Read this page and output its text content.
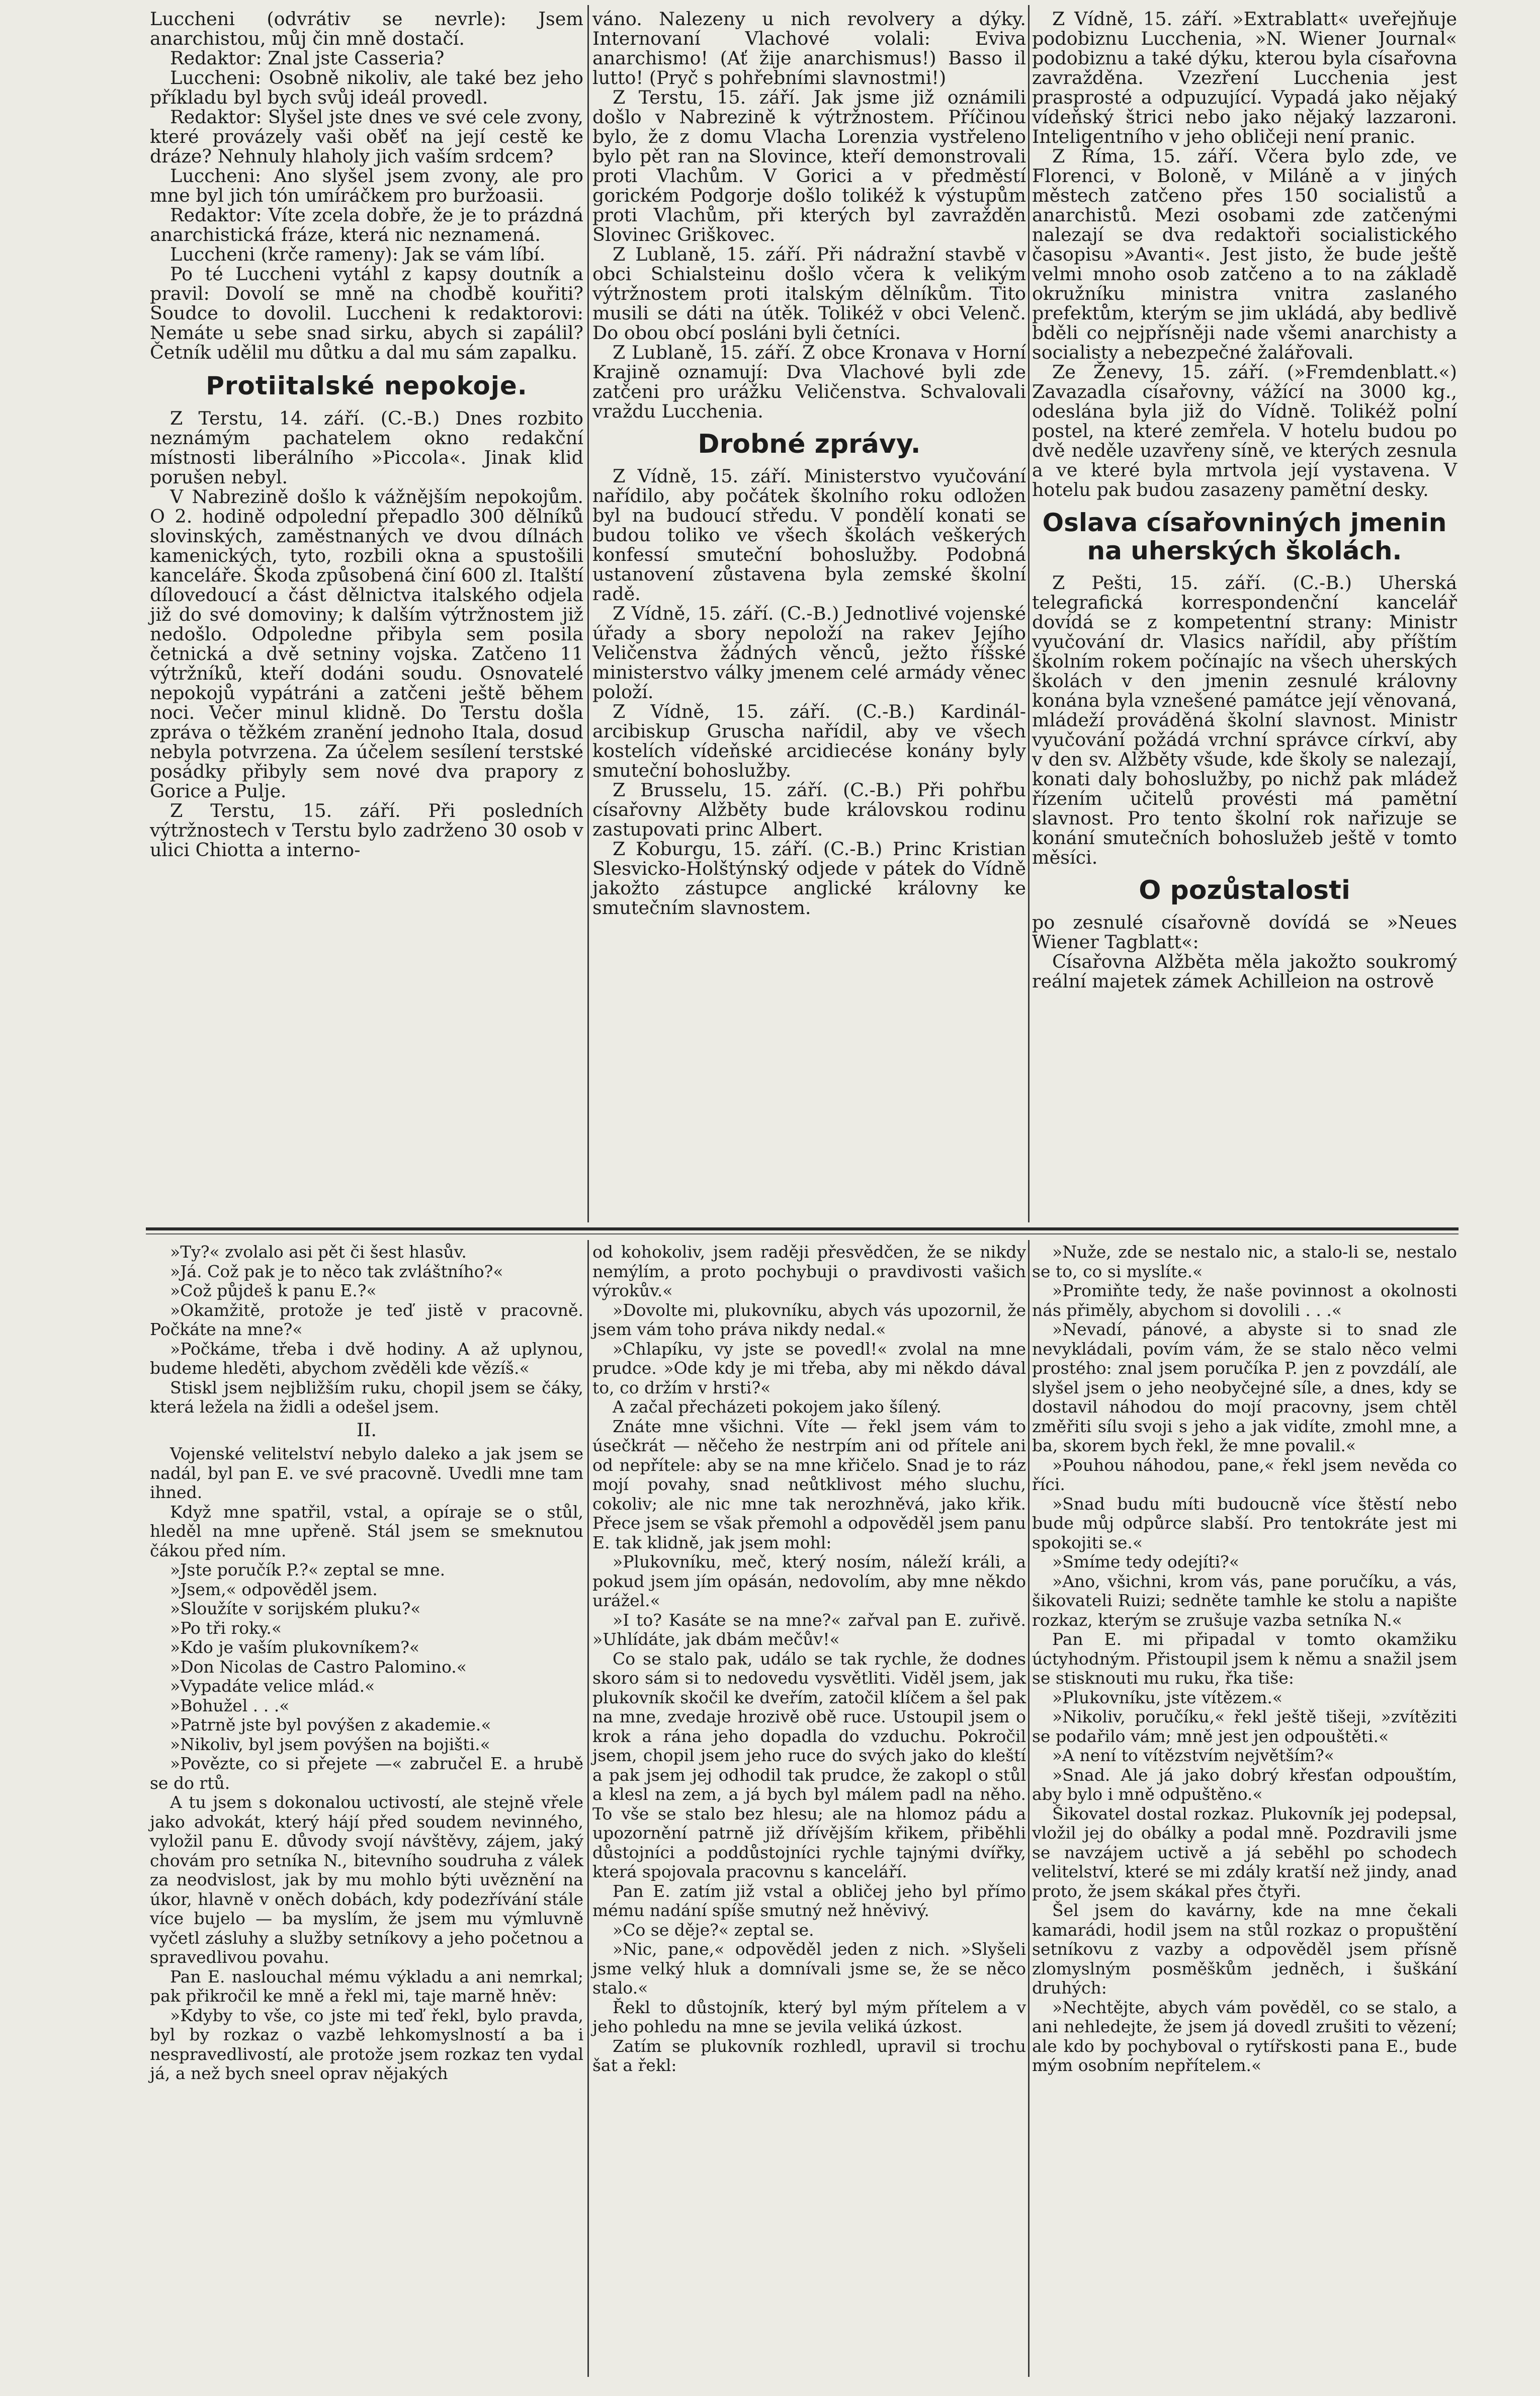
Luccheni (odvrátiv se nevrle): Jsem anarchistou, můj čin mně dostačí.

Redaktor: Znal jste Casseria?

Luccheni: Osobně nikoliv, ale také bez jeho příkladu byl bych svůj ideál provedl.

Redaktor: Slyšel jste dnes ve své cele zvony, které provázely vaši oběť na její cestě ke dráze? Nehnuly hlaholy jich vaším srdcem?

Luccheni: Ano slyšel jsem zvony, ale pro mne byl jich tón umíráčkem pro buržoasii.

Redaktor: Víte zcela dobře, že je to prázdná anarchistická fráze, která nic neznamená.

Luccheni (krče rameny): Jak se vám líbí.

Po té Luccheni vytáhl z kapsy doutník a pravil: Dovolí se mně na chodbě kouřiti? Soudce to dovolil. Luccheni k redaktorovi: Nemáte u sebe snad sirku, abych si zapálil? Četník udělil mu důtku a dal mu sám zapalku.

Protiitalské nepokoje.

Z Terstu, 14. září. (C.-B.) Dnes rozbito neznámým pachatelem okno redakční místnosti liberálního »Piccola«. Jinak klid porušen nebyl.

V Nabrezině došlo k vážnějším nepokojům. O 2. hodině odpolední přepadlo 300 dělníků slovinských, zaměstnaných ve dvou dílnách kamenických, tyto, rozbili okna a spustošili kanceláře. Škoda způsobená činí 600 zl. Italští dílovedoucí a část dělnictva italského odjela již do své domoviny; k dalším výtržnostem již nedošlo. Odpoledne přibyla sem posila četnická a dvě setniny vojska. Zatčeno 11 výtržníků, kteří dodáni soudu. Osnovatelé nepokojů vypátráni a zatčeni ještě během noci. Večer minul klidně. Do Terstu došla zpráva o těžkém zranění jednoho Itala, dosud nebyla potvrzena. Za účelem sesílení terstské posádky přibyly sem nové dva prapory z Gorice a Pulje.

Z Terstu, 15. září. Při posledních výtržnostech v Terstu bylo zadrženo 30 osob v ulici Chiotta a interno-

váno. Nalezeny u nich revolvery a dýky. Internovaní Vlachové volali: Eviva anarchismo! (Ať žije anarchismus!) Basso il lutto! (Pryč s pohřebními slavnostmi!)

Z Terstu, 15. září. Jak jsme již oznámili došlo v Nabrezině k výtržnostem. Příčinou bylo, že z domu Vlacha Lorenzia vystřeleno bylo pět ran na Slovince, kteří demonstrovali proti Vlachům. V Gorici a v předměstí gorickém Podgorje došlo tolikéž k výstupům proti Vlachům, při kterých byl zavražděn Slovinec Griškovec.

Z Lublaně, 15. září. Při nádražní stavbě v obci Schialsteinu došlo včera k velikým výtržnostem proti italským dělníkům. Tito musili se dáti na útěk. Tolikéž v obci Velenč. Do obou obcí posláni byli četníci.

Z Lublaně, 15. září. Z obce Kronava v Horní Krajině oznamují: Dva Vlachové byli zde zatčeni pro urážku Veličenstva. Schvalovali vraždu Lucchenia.

Drobné zprávy.

Z Vídně, 15. září. Ministerstvo vyučování nařídilo, aby počátek školního roku odložen byl na budoucí středu. V pondělí konati se budou toliko ve všech školách veškerých konfessí smuteční bohoslužby. Podobná ustanovení zůstavena byla zemské školní radě.

Z Vídně, 15. září. (C.-B.) Jednotlivé vojenské úřady a sbory nepoloží na rakev Jejího Veličenstva žádných věnců, ježto říšské ministerstvo války jmenem celé armády věnec položí.

Z Vídně, 15. září. (C.-B.) Kardinál-arcibiskup Gruscha nařídil, aby ve všech kostelích vídeňské arcidiecése konány byly smuteční bohoslužby.

Z Brusselu, 15. září. (C.-B.) Při pohřbu císařovny Alžběty bude královskou rodinu zastupovati princ Albert.

Z Koburgu, 15. září. (C.-B.) Princ Kristian Slesvicko-Holštýnský odjede v pátek do Vídně jakožto zástupce anglické královny ke smutečním slavnostem.

Z Vídně, 15. září. »Extrablatt« uveřejňuje podobiznu Lucchenia, »N. Wiener Journal« podobiznu a také dýku, kterou byla císařovna zavražděna. Vzezření Lucchenia jest prasprosté a odpuzující. Vypadá jako nějaký vídeňský štrici nebo jako nějaký lazzaroni. Inteligentního v jeho obličeji není pranic.

Z Říma, 15. září. Včera bylo zde, ve Florenci, v Boloně, v Miláně a v jiných městech zatčeno přes 150 socialistů a anarchistů. Mezi osobami zde zatčenými nalezají se dva redaktoři socialistického časopisu »Avanti«. Jest jisto, že bude ještě velmi mnoho osob zatčeno a to na základě okružníku ministra vnitra zaslaného prefektům, kterým se jim ukládá, aby bedlivě bděli co nejpřísněji nade všemi anarchisty a socialisty a nebezpečné žalářovali.

Ze Ženevy, 15. září. (»Fremdenblatt.«) Zavazadla císařovny, vážící na 3000 kg., odeslána byla již do Vídně. Tolikéž polní postel, na které zemřela. V hotelu budou po dvě neděle uzavřeny síně, ve kterých zesnula a ve které byla mrtvola její vystavena. V hotelu pak budou zasazeny pamětní desky.

Oslava císařovniných jmenin na uherských školách.

Z Pešti, 15. září. (C.-B.) Uherská telegrafická korrespondenční kancelář dovídá se z kompetentní strany: Ministr vyučování dr. Vlasics nařídil, aby příštím školním rokem počínajíc na všech uherských školách v den jmenin zesnulé královny konána byla vznešené památce její věnovaná, mládeží prováděná školní slavnost. Ministr vyučování požádá vrchní správce církví, aby v den sv. Alžběty všude, kde školy se nalezají, konati daly bohoslužby, po nichž pak mládež řízením učitelů provésti má pamětní slavnost. Pro tento školní rok nařizuje se konání smutečních bohoslužeb ještě v tomto měsíci.

O pozůstalosti

po zesnulé císařovně dovídá se »Neues Wiener Tagblatt«:

Císařovna Alžběta měla jakožto soukromý reální majetek zámek Achilleion na ostrově

»Ty?« zvolalo asi pět či šest hlasův.

»Já. Což pak je to něco tak zvláštního?«

»Což půjdeš k panu E.?«

»Okamžitě, protože je teď jistě v pracovně. Počkáte na mne?«

»Počkáme, třeba i dvě hodiny. A až uplynou, budeme hleděti, abychom zvěděli kde vězíš.«

Stiskl jsem nejbližším ruku, chopil jsem se čáky, která ležela na židli a odešel jsem.

II.

Vojenské velitelství nebylo daleko a jak jsem se nadál, byl pan E. ve své pracovně. Uvedli mne tam ihned.

Když mne spatřil, vstal, a opíraje se o stůl, hleděl na mne upřeně. Stál jsem se smeknutou čákou před ním.

»Jste poručík P.?« zeptal se mne.

»Jsem,« odpověděl jsem.

»Sloužíte v sorijském pluku?«

»Po tři roky.«

»Kdo je vaším plukovníkem?«

»Don Nicolas de Castro Palomino.«

»Vypadáte velice mlád.«

»Bohužel . . .«

»Patrně jste byl povýšen z akademie.«

»Nikoliv, byl jsem povýšen na bojišti.«

»Povězte, co si přejete —« zabručel E. a hrubě se do rtů.

A tu jsem s dokonalou uctivostí, ale stejně vřele jako advokát, který hájí před soudem nevinného, vyložil panu E. důvody svojí návštěvy, zájem, jaký chovám pro setníka N., bitevního soudruha z válek za neodvislost, jak by mu mohlo býti uvěznění na úkor, hlavně v oněch dobách, kdy podezřívání stále více bujelo — ba myslím, že jsem mu výmluvně vyčetl zásluhy a služby setníkovy a jeho početnou a spravedlivou povahu.

Pan E. naslouchal mému výkladu a ani nemrkal; pak přikročil ke mně a řekl mi, taje marně hněv:

»Kdyby to vše, co jste mi teď řekl, bylo pravda, byl by rozkaz o vazbě lehkomyslností a ba i nespravedlivostí, ale protože jsem rozkaz ten vydal já, a než bych sneel oprav nějakých

od kohokoliv, jsem raději přesvědčen, že se nikdy nemýlím, a proto pochybuji o pravdivosti vašich výrokův.«

»Dovolte mi, plukovníku, abych vás upozornil, že jsem vám toho práva nikdy nedal.«

»Chlapíku, vy jste se povedl!« zvolal na mne prudce. »Ode kdy je mi třeba, aby mi někdo dával to, co držím v hrsti?«

A začal přecházeti pokojem jako šílený.

Znáte mne všichni. Víte — řekl jsem vám to úsečkrát — něčeho že nestrpím ani od přítele ani od nepřítele: aby se na mne křičelo. Snad je to ráz mojí povahy, snad neůtklivost mého sluchu, cokoliv; ale nic mne tak nerozhněvá, jako křik. Přece jsem se však přemohl a odpověděl jsem panu E. tak klidně, jak jsem mohl:

»Plukovníku, meč, který nosím, náleží králi, a pokud jsem jím opásán, nedovolím, aby mne někdo urážel.«

»I to? Kasáte se na mne?« zařval pan E. zuřivě. »Uhlídáte, jak dbám mečův!«

Co se stalo pak, událo se tak rychle, že dodnes skoro sám si to nedovedu vysvětliti. Viděl jsem, jak plukovník skočil ke dveřím, zatočil klíčem a šel pak na mne, zvedaje hrozivě obě ruce. Ustoupil jsem o krok a rána jeho dopadla do vzduchu. Pokročil jsem, chopil jsem jeho ruce do svých jako do kleští a pak jsem jej odhodil tak prudce, že zakopl o stůl a klesl na zem, a já bych byl málem padl na něho. To vše se stalo bez hlesu; ale na hlomoz pádu a upozornění patrně již dřívějším křikem, přiběhli důstojníci a poddůstojníci rychle tajnými dvířky, která spojovala pracovnu s kanceláří.

Pan E. zatím již vstal a obličej jeho byl přímo mému nadání spíše smutný než hněvivý.

»Co se děje?« zeptal se.

»Nic, pane,« odpověděl jeden z nich. »Slyšeli jsme velký hluk a domnívali jsme se, že se něco stalo.«

Řekl to důstojník, který byl mým přítelem a v jeho pohledu na mne se jevila veliká úzkost.

Zatím se plukovník rozhledl, upravil si trochu šat a řekl:

»Nuže, zde se nestalo nic, a stalo-li se, nestalo se to, co si myslíte.«

»Promiňte tedy, že naše povinnost a okolnosti nás přiměly, abychom si dovolili . . .«

»Nevadí, pánové, a abyste si to snad zle nevykládali, povím vám, že se stalo něco velmi prostého: znal jsem poručíka P. jen z povzdálí, ale slyšel jsem o jeho neobyčejné síle, a dnes, kdy se dostavil náhodou do mojí pracovny, jsem chtěl změřiti sílu svoji s jeho a jak vidíte, zmohl mne, a ba, skorem bych řekl, že mne povalil.«

»Pouhou náhodou, pane,« řekl jsem nevěda co říci.

»Snad budu míti budoucně více štěstí nebo bude můj odpůrce slabší. Pro tentokráte jest mi spokojiti se.«

»Smíme tedy odejíti?«

»Ano, všichni, krom vás, pane poručíku, a vás, šikovateli Ruizi; sedněte tamhle ke stolu a napište rozkaz, kterým se zrušuje vazba setníka N.«

Pan E. mi připadal v tomto okamžiku úctyhodným. Přistoupil jsem k němu a snažil jsem se stisknouti mu ruku, řka tiše:

»Plukovníku, jste vítězem.«

»Nikoliv, poručíku,« řekl ještě tišeji, »zvítěziti se podařilo vám; mně jest jen odpouštěti.«

»A není to vítězstvím největším?«

»Snad. Ale já jako dobrý křesťan odpouštím, aby bylo i mně odpuštěno.«

Šikovatel dostal rozkaz. Plukovník jej podepsal, vložil jej do obálky a podal mně. Pozdravili jsme se navzájem uctivě a já seběhl po schodech velitelství, které se mi zdály kratší než jindy, anad proto, že jsem skákal přes čtyři.

Šel jsem do kavárny, kde na mne čekali kamarádi, hodil jsem na stůl rozkaz o propuštění setníkovu z vazby a odpověděl jsem přísně zlomyslným posměškům jedněch, i šuškání druhých:

»Nechtějte, abych vám pověděl, co se stalo, a ani nehledejte, že jsem já dovedl zrušiti to vězení; ale kdo by pochyboval o rytířskosti pana E., bude mým osobním nepřítelem.«
